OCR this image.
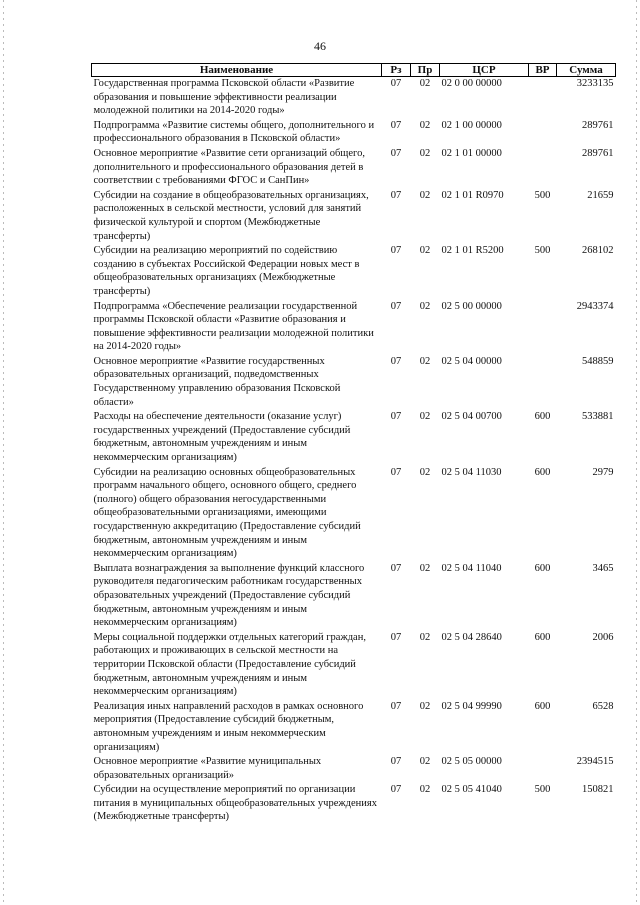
46
Наименование	Рз	Пр	ЦСР	ВР	Сумма
Государственная программа Псковской области «Развитие образования и повышение эффективности реализации молодежной политики на 2014-2020 годы»	07	02	02 0 00 00000		3233135
Подпрограмма «Развитие системы общего, дополнительного и профессионального образования в Псковской области»	07	02	02 1 00 00000		289761
Основное мероприятие «Развитие сети организаций общего, дополнительного и профессионального образования детей в соответствии с требованиями ФГОС и СанПин»	07	02	02 1 01 00000		289761
Субсидии на создание в общеобразовательных организациях, расположенных в сельской местности, условий для занятий физической культурой и спортом (Межбюджетные трансферты)	07	02	02 1 01 R0970	500	21659
Субсидии на реализацию мероприятий по содействию созданию в субъектах Российской Федерации новых мест в общеобразовательных организациях (Межбюджетные трансферты)	07	02	02 1 01 R5200	500	268102
Подпрограмма «Обеспечение реализации государственной программы Псковской области «Развитие образования и повышение эффективности реализации молодежной политики на 2014-2020 годы»	07	02	02 5 00 00000		2943374
Основное мероприятие «Развитие государственных образовательных организаций, подведомственных Государственному управлению образования Псковской области»	07	02	02 5 04 00000		548859
Расходы на обеспечение деятельности (оказание услуг) государственных учреждений (Предоставление субсидий бюджетным, автономным учреждениям и иным некоммерческим организациям)	07	02	02 5 04 00700	600	533881
Субсидии на реализацию основных общеобразовательных программ начального общего, основного общего, среднего (полного) общего образования негосударственными общеобразовательными организациями, имеющими государственную аккредитацию (Предоставление субсидий бюджетным, автономным учреждениям и иным некоммерческим организациям)	07	02	02 5 04 11030	600	2979
Выплата вознаграждения за выполнение функций классного руководителя педагогическим работникам государственных образовательных учреждений (Предоставление субсидий бюджетным, автономным учреждениям и иным некоммерческим организациям)	07	02	02 5 04 11040	600	3465
Меры социальной поддержки отдельных категорий граждан, работающих и проживающих в сельской местности на территории Псковской области (Предоставление субсидий бюджетным, автономным учреждениям и иным некоммерческим организациям)	07	02	02 5 04 28640	600	2006
Реализация иных направлений расходов в рамках основного мероприятия (Предоставление субсидий бюджетным, автономным учреждениям и иным некоммерческим организациям)	07	02	02 5 04 99990	600	6528
Основное мероприятие «Развитие муниципальных образовательных организаций»	07	02	02 5 05 00000		2394515
Субсидии на осуществление мероприятий по организации питания в муниципальных общеобразовательных учреждениях (Межбюджетные трансферты)	07	02	02 5 05 41040	500	150821
